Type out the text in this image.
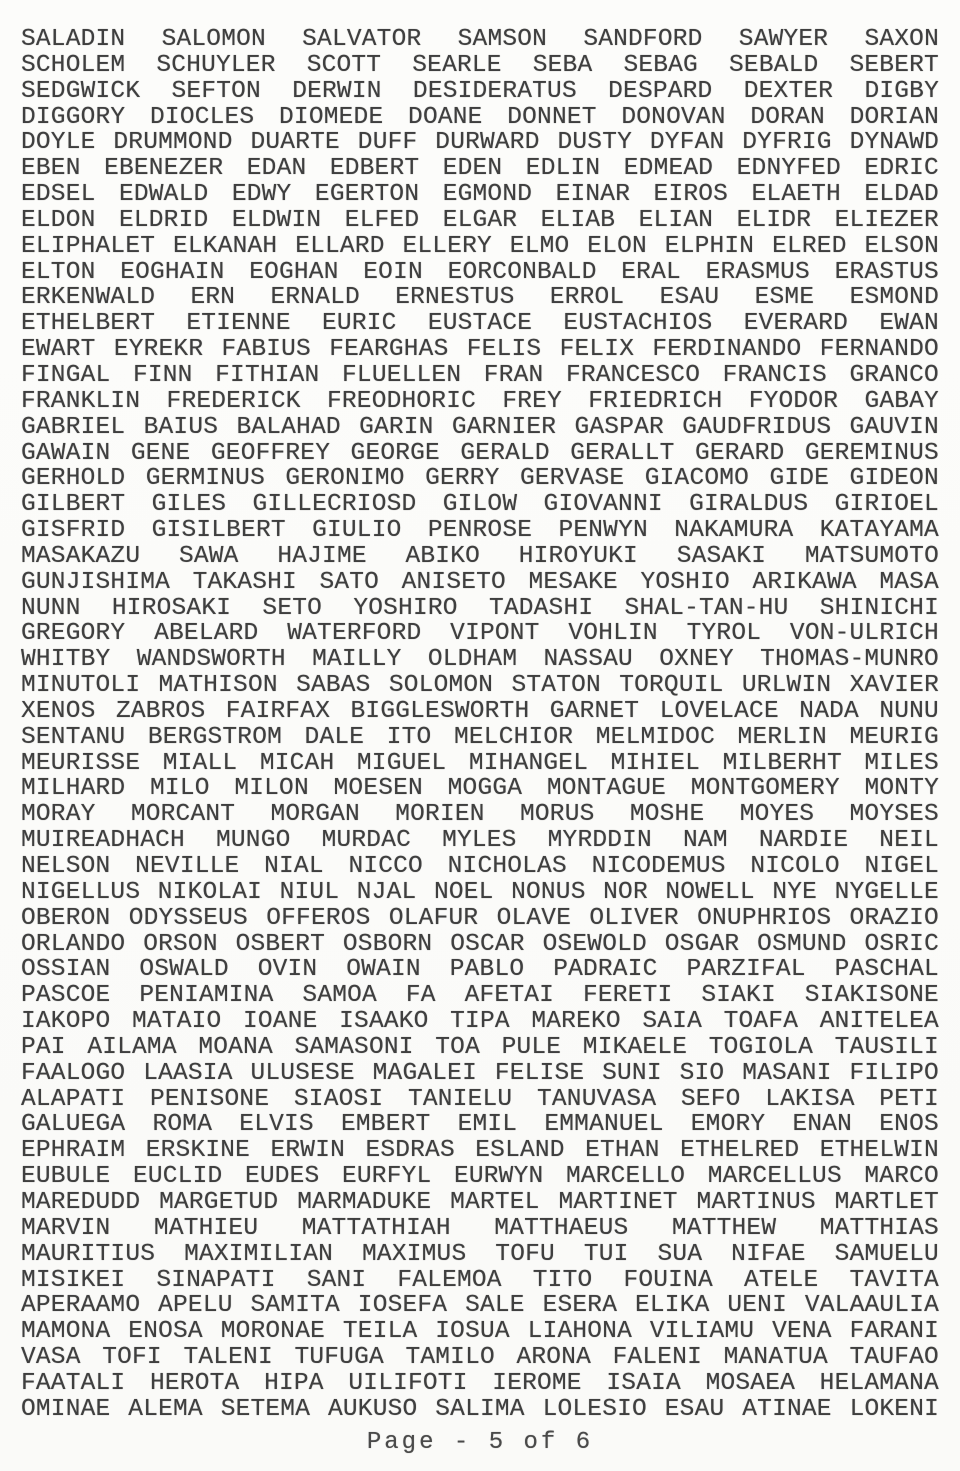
SALADIN SALOMON SALVATOR SAMSON SANDFORD SAWYER SAXON
SCHOLEM SCHUYLER SCOTT SEARLE SEBA SEBAG SEBALD SEBERT
SEDGWICK SEFTON DERWIN DESIDERATUS DESPARD DEXTER DIGBY
DIGGORY DIOCLES DIOMEDE DOANE DONNET DONOVAN DORAN DORIAN
DOYLE DRUMMOND DUARTE DUFF DURWARD DUSTY DYFAN DYFRIG DYNAWD
EBEN EBENEZER EDAN EDBERT EDEN EDLIN EDMEAD EDNYFED EDRIC
EDSEL EDWALD EDWY EGERTON EGMOND EINAR EIROS ELAETH ELDAD
ELDON ELDRID ELDWIN ELFED ELGAR ELIAB ELIAN ELIDR ELIEZER
ELIPHALET ELKANAH ELLARD ELLERY ELMO ELON ELPHIN ELRED ELSON
ELTON EOGHAIN EOGHAN EOIN EORCONBALD ERAL ERASMUS ERASTUS
ERKENWALD ERN ERNALD ERNESTUS ERROL ESAU ESME ESMOND
ETHELBERT ETIENNE EURIC EUSTACE EUSTACHIOS EVERARD EWAN
EWART EYREKR FABIUS FEARGHAS FELIS FELIX FERDINANDO FERNANDO
FINGAL FINN FITHIAN FLUELLEN FRAN FRANCESCO FRANCIS GRANCO
FRANKLIN FREDERICK FREODHORIC FREY FRIEDRICH FYODOR GABAY
GABRIEL BAIUS BALAHAD GARIN GARNIER GASPAR GAUDFRIDUS GAUVIN
GAWAIN GENE GEOFFREY GEORGE GERALD GERALLT GERARD GEREMINUS
GERHOLD GERMINUS GERONIMO GERRY GERVASE GIACOMO GIDE GIDEON
GILBERT GILES GILLECRIOSD GILOW GIOVANNI GIRALDUS GIRIOEL
GISFRID GISILBERT GIULIO PENROSE PENWYN NAKAMURA KATAYAMA
MASAKAZU SAWA HAJIME ABIKO HIROYUKI SASAKI MATSUMOTO
GUNJISHIMA TAKASHI SATO ANISETO MESAKE YOSHIO ARIKAWA MASA
NUNN HIROSAKI SETO YOSHIRO TADASHI SHAL-TAN-HU SHINICHI
GREGORY ABELARD WATERFORD VIPONT VOHLIN TYROL VON-ULRICH
WHITBY WANDSWORTH MAILLY OLDHAM NASSAU OXNEY THOMAS-MUNRO
MINUTOLI MATHISON SABAS SOLOMON STATON TORQUIL URLWIN XAVIER
XENOS ZABROS FAIRFAX BIGGLESWORTH GARNET LOVELACE NADA NUNU
SENTANU BERGSTROM DALE ITO MELCHIOR MELMIDOC MERLIN MEURIG
MEURISSE MIALL MICAH MIGUEL MIHANGEL MIHIEL MILBERHT MILES
MILHARD MILO MILON MOESEN MOGGA MONTAGUE MONTGOMERY MONTY
MORAY MORCANT MORGAN MORIEN MORUS MOSHE MOYES MOYSES
MUIREADHACH MUNGO MURDAC MYLES MYRDDIN NAM NARDIE NEIL
NELSON NEVILLE NIAL NICCO NICHOLAS NICODEMUS NICOLO NIGEL
NIGELLUS NIKOLAI NIUL NJAL NOEL NONUS NOR NOWELL NYE NYGELLE
OBERON ODYSSEUS OFFEROS OLAFUR OLAVE OLIVER ONUPHRIOS ORAZIO
ORLANDO ORSON OSBERT OSBORN OSCAR OSEWOLD OSGAR OSMUND OSRIC
OSSIAN OSWALD OVIN OWAIN PABLO PADRAIC PARZIFAL PASCHAL
PASCOE PENIAMINA SAMOA FA AFETAI FERETI SIAKI SIAKISONE
IAKOPO MATAIO IOANE ISAAKO TIPA MAREKO SAIA TOAFA ANITELEA
PAI AILAMA MOANA SAMASONI TOA PULE MIKAELE TOGIOLA TAUSILI
FAALOGO LAASIA ULUSESE MAGALEI FELISE SUNI SIO MASANI FILIPO
ALAPATI PENISONE SIAOSI TANIELU TANUVASA SEFO LAKISA PETI
GALUEGA ROMA ELVIS EMBERT EMIL EMMANUEL EMORY ENAN ENOS
EPHRAIM ERSKINE ERWIN ESDRAS ESLAND ETHAN ETHELRED ETHELWIN
EUBULE EUCLID EUDES EURFYL EURWYN MARCELLO MARCELLUS MARCO
MAREDUDD MARGETUD MARMADUKE MARTEL MARTINET MARTINUS MARTLET
MARVIN MATHIEU MATTATHIAH MATTHAEUS MATTHEW MATTHIAS
MAURITIUS MAXIMILIAN MAXIMUS TOFU TUI SUA NIFAE SAMUELU
MISIKEI SINAPATI SANI FALEMOA TITO FOUINA ATELE TAVITA
APERAAMO APELU SAMITA IOSEFA SALE ESERA ELIKA UENI VALAAULIA
MAMONA ENOSA MORONAE TEILA IOSUA LIAHONA VILIAMU VENA FARANI
VASA TOFI TALENI TUFUGA TAMILO ARONA FALENI MANATUA TAUFAO
FAATALI HEROTA HIPA UILIFOTI IEROME ISAIA MOSAEA HELAMANA
OMINAE ALEMA SETEMA AUKUSO SALIMA LOLESIO ESAU ATINAE LOKENI
Page - 5 of 6
